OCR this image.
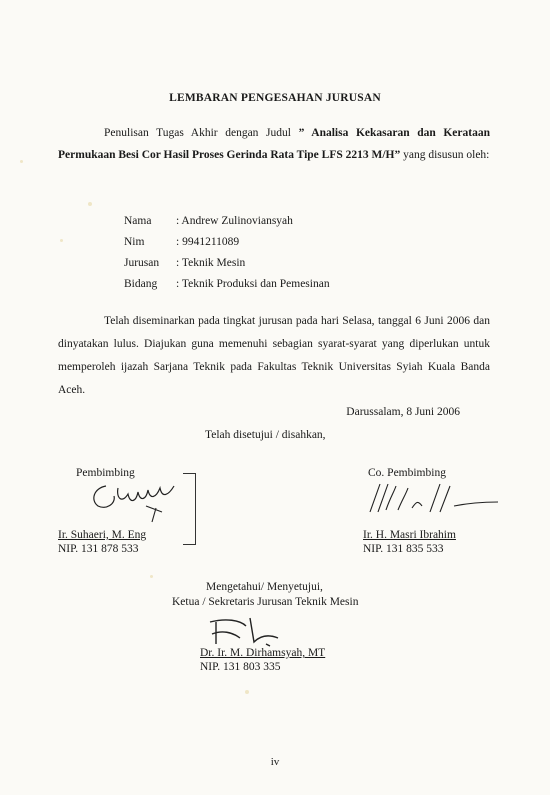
LEMBARAN PENGESAHAN JURUSAN

Penulisan Tugas Akhir dengan Judul ” Analisa Kekasaran dan Kerataan Permukaan Besi Cor Hasil Proses Gerinda Rata Tipe LFS 2213 M/H” yang disusun oleh:

Nama	: Andrew Zulinoviansyah
Nim	: 9941211089
Jurusan	: Teknik Mesin
Bidang	: Teknik Produksi dan Pemesinan

Telah diseminarkan pada tingkat jurusan pada hari Selasa, tanggal 6 Juni 2006 dan dinyatakan lulus. Diajukan guna memenuhi sebagian syarat-syarat yang diperlukan untuk memperoleh ijazah Sarjana Teknik pada Fakultas Teknik Universitas Syiah Kuala Banda Aceh.

Darussalam, 8 Juni 2006
Telah disetujui / disahkan,
Pembimbing
Ir. Suhaeri, M. Eng
NIP. 131 878 533
Co. Pembimbing
Ir. H. Masri Ibrahim
NIP. 131 835 533
Mengetahui/ Menyetujui,
Ketua / Sekretaris Jurusan Teknik Mesin
Dr. Ir. M. Dirhamsyah, MT
NIP. 131 803 335
iv
